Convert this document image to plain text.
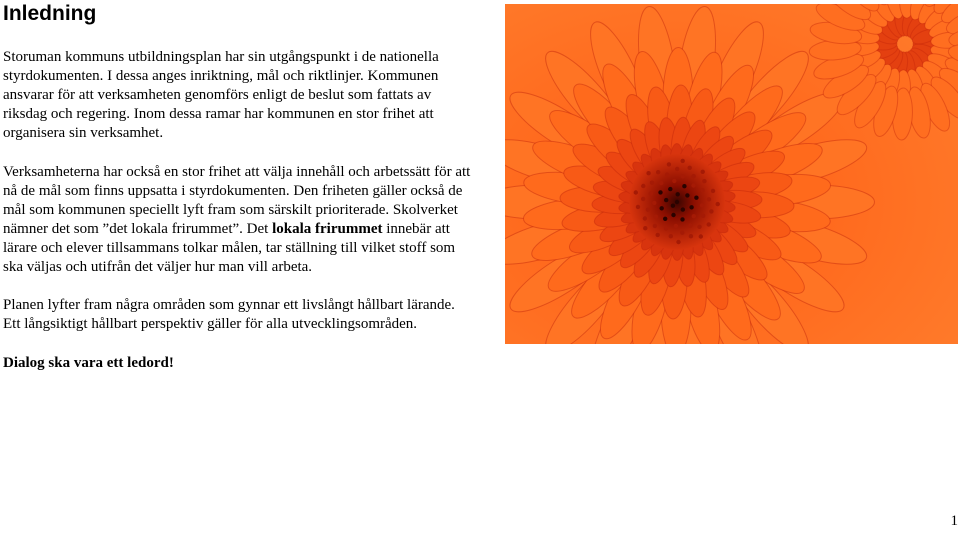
Inledning

Storuman kommuns utbildningsplan har sin utgångspunkt i de nationella styrdokumenten. I dessa anges inriktning, mål och riktlinjer. Kommunen ansvarar för att verksamheten genomförs enligt de beslut som fattats av riksdag och regering. Inom dessa ramar har kommunen en stor frihet att organisera sin verksamhet.

Verksamheterna har också en stor frihet att välja innehåll och arbetssätt för att nå de mål som finns uppsatta i styrdokumenten. Den friheten gäller också de mål som kommunen speciellt lyft fram som särskilt prioriterade. Skolverket nämner det som ”det lokala frirummet”. Det lokala frirummet innebär att lärare och elever tillsammans tolkar målen, tar ställning till vilket stoff som ska väljas och utifrån det väljer hur man vill arbeta.

Planen lyfter fram några områden som gynnar ett livslångt hållbart lärande. Ett långsiktigt hållbart perspektiv gäller för alla utvecklingsområden.

Dialog ska vara ett ledord!

1
